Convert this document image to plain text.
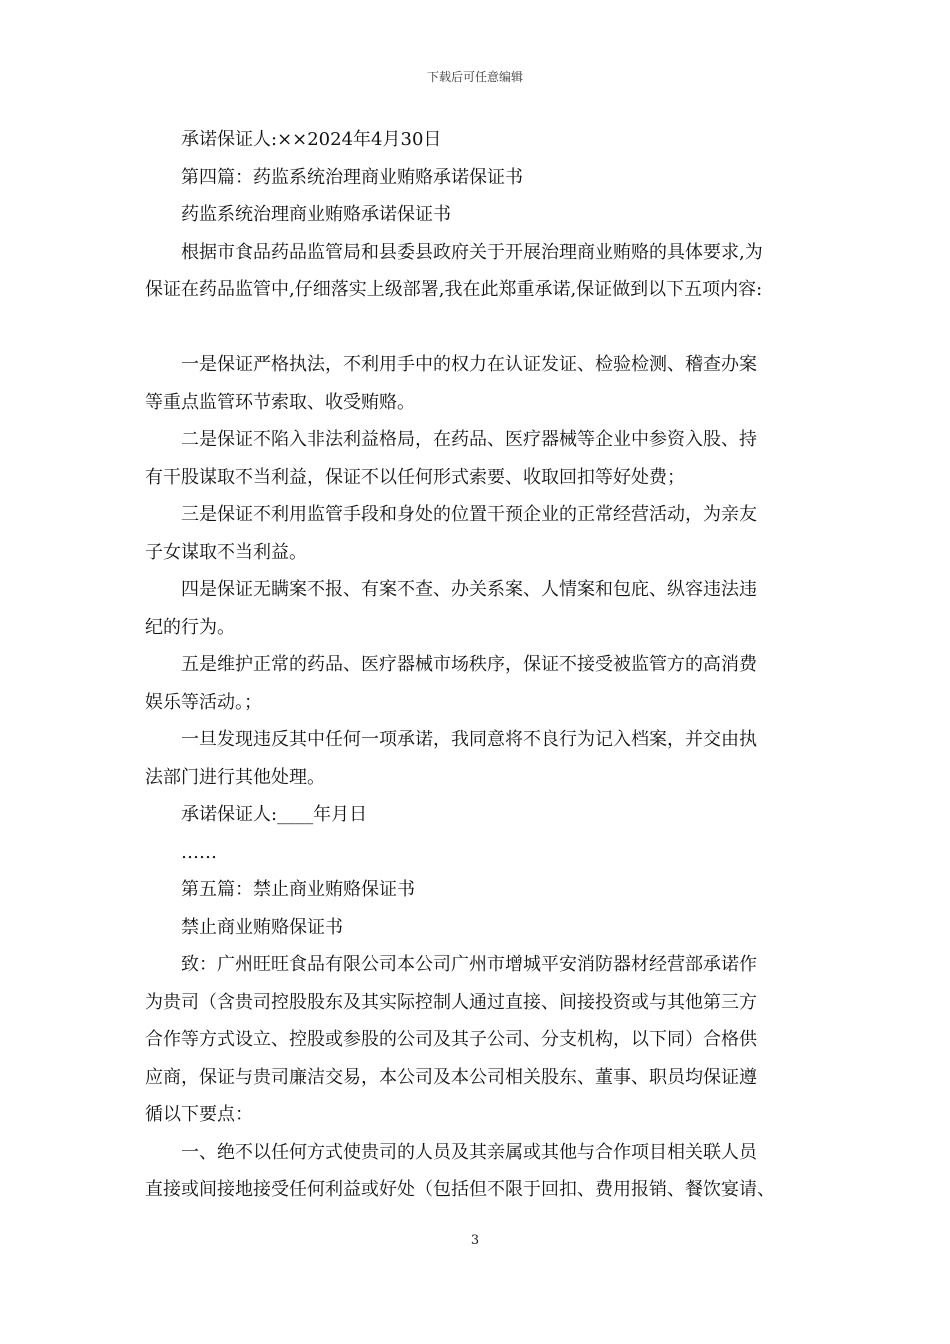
下载后可任意编辑
承诺保证人:××2024年4月30日
第四篇：药监系统治理商业贿赂承诺保证书
药监系统治理商业贿赂承诺保证书
根据市食品药品监管局和县委县政府关于开展治理商业贿赂的具体要求,为
保证在药品监管中,仔细落实上级部署,我在此郑重承诺,保证做到以下五项内容:
一是保证严格执法，不利用手中的权力在认证发证、检验检测、稽查办案
等重点监管环节索取、收受贿赂。
二是保证不陷入非法利益格局，在药品、医疗器械等企业中参资入股、持
有干股谋取不当利益，保证不以任何形式索要、收取回扣等好处费；
三是保证不利用监管手段和身处的位置干预企业的正常经营活动，为亲友
子女谋取不当利益。
四是保证无瞒案不报、有案不查、办关系案、人情案和包庇、纵容违法违
纪的行为。
五是维护正常的药品、医疗器械市场秩序，保证不接受被监管方的高消费
娱乐等活动。；
一旦发现违反其中任何一项承诺，我同意将不良行为记入档案，并交由执
法部门进行其他处理。
承诺保证人:____年月日
……
第五篇：禁止商业贿赂保证书
禁止商业贿赂保证书
致：广州旺旺食品有限公司本公司广州市增城平安消防器材经营部承诺作
为贵司（含贵司控股股东及其实际控制人通过直接、间接投资或与其他第三方
合作等方式设立、控股或参股的公司及其子公司、分支机构，以下同）合格供
应商，保证与贵司廉洁交易，本公司及本公司相关股东、董事、职员均保证遵
循以下要点：
一、绝不以任何方式使贵司的人员及其亲属或其他与合作项目相关联人员
直接或间接地接受任何利益或好处（包括但不限于回扣、费用报销、餐饮宴请、
3
